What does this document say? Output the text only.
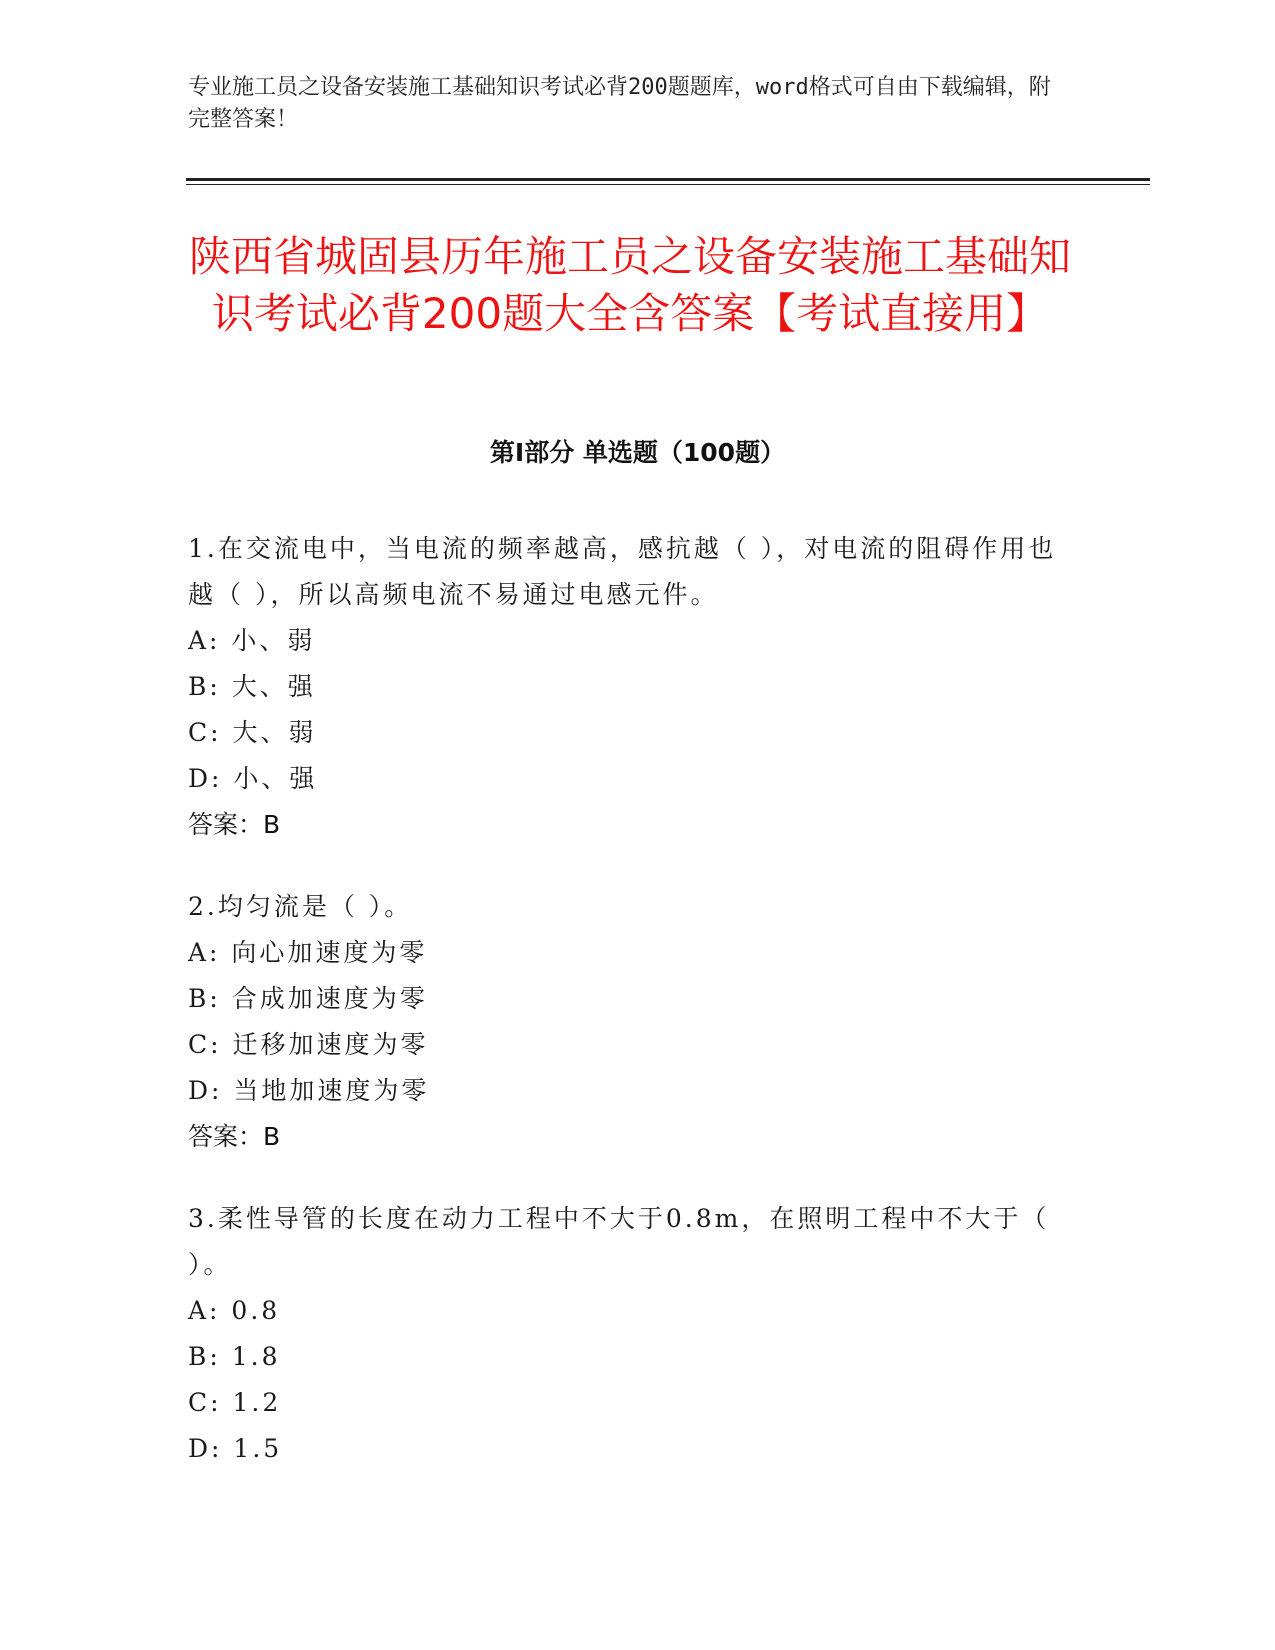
专业施工员之设备安装施工基础知识考试必背200题题库，word格式可自由下载编辑，附完整答案！
陕西省城固县历年施工员之设备安装施工基础知识考试必背200题大全含答案【考试直接用】
第I部分 单选题（100题）

1.在交流电中，当电流的频率越高，感抗越（ ），对电流的阻碍作用也越（ ），所以高频电流不易通过电感元件。

A: 小、弱

B: 大、强

C: 大、弱

D: 小、强

答案：B

2.均匀流是（ ）。

A: 向心加速度为零

B: 合成加速度为零

C: 迁移加速度为零

D: 当地加速度为零

答案：B

3.柔性导管的长度在动力工程中不大于0.8m，在照明工程中不大于（ ）。

A: 0.8

B: 1.8

C: 1.2

D: 1.5
